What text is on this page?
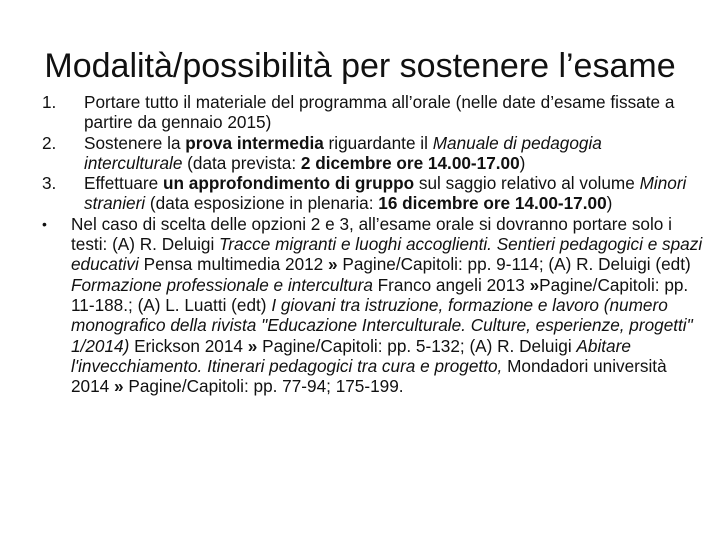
Modalità/possibilità per sostenere l’esame
1. Portare tutto il materiale del programma all’orale (nelle date d’esame fissate a partire da gennaio 2015)
2. Sostenere la prova intermedia riguardante il Manuale di pedagogia interculturale (data prevista: 2 dicembre ore 14.00-17.00)
3. Effettuare un approfondimento di gruppo sul saggio relativo al volume Minori stranieri (data esposizione in plenaria: 16 dicembre ore 14.00-17.00)
• Nel caso di scelta delle opzioni 2 e 3, all’esame orale si dovranno portare solo i testi: (A) R. Deluigi Tracce migranti e luoghi accoglienti. Sentieri pedagogici e spazi educativi Pensa multimedia 2012 » Pagine/Capitoli: pp. 9-114; (A) R. Deluigi (edt) Formazione professionale e intercultura Franco angeli 2013 »Pagine/Capitoli: pp. 11-188.; (A) L. Luatti (edt) I giovani tra istruzione, formazione e lavoro (numero monografico della rivista "Educazione Interculturale. Culture, esperienze, progetti" 1/2014) Erickson 2014 » Pagine/Capitoli: pp. 5-132; (A) R. Deluigi Abitare l'invecchiamento. Itinerari pedagogici tra cura e progetto, Mondadori università 2014 » Pagine/Capitoli: pp. 77-94; 175-199.
